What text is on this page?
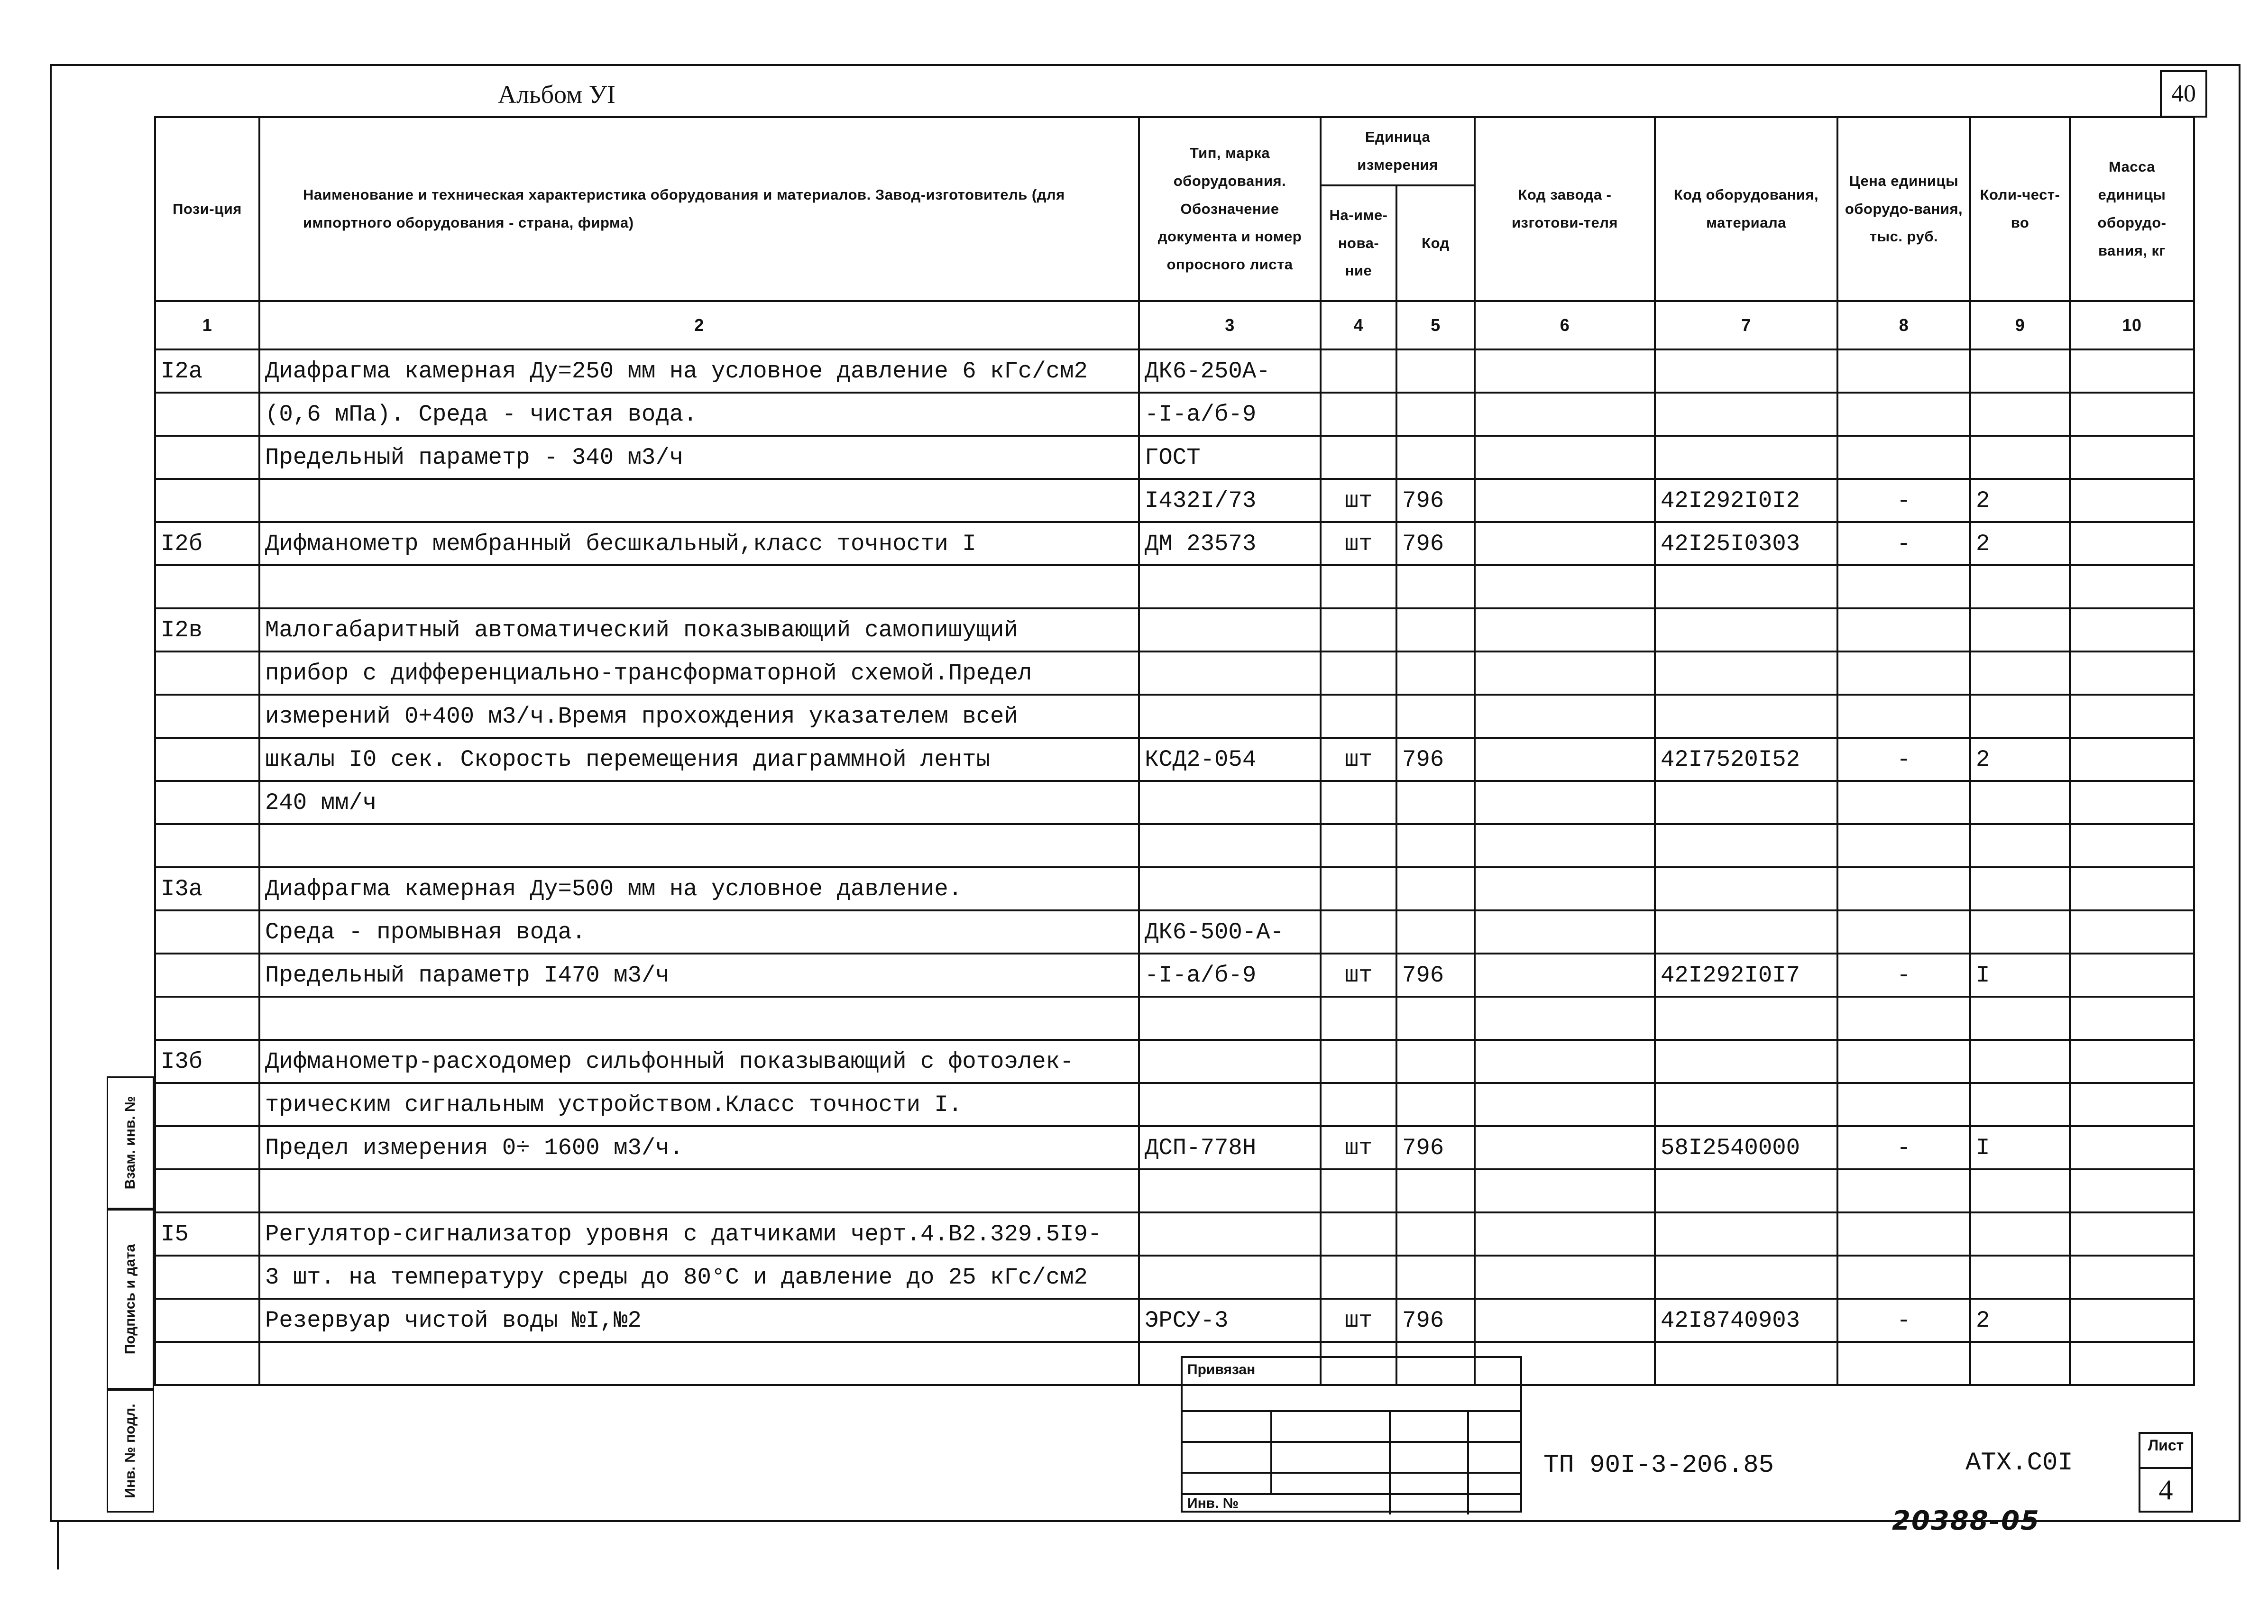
Альбом УI	40
Пози-ция	Наименование и техническая характеристика оборудования и материалов. Завод-изготовитель (для импортного оборудования - страна, фирма)	Тип, марка оборудования. Обозначение документа и номер опросного листа	Единица измерения		Код завода - изготови-теля	Код оборудования, материала	Цена единицы оборудо-вания, тыс. руб.	Коли-чест-во	Масса единицы оборудо-вания, кг
			На-име-нова-ние	Код					
1	2	3	4	5	6	7	8	9	10
I2а	Диафрагма камерная Ду=250 мм на условное давление 6 кГс/см2	ДК6-250А-							
	(0,6 мПа). Среда - чистая вода.	-I-а/б-9							
	Предельный параметр - 340 м3/ч	ГОСТ							
		I432I/73	шт	796		42I292I0I2	-	2	
I2б	Дифманометр мембранный бесшкальный,класс точности I	ДМ 23573	шт	796		42I25I0303	-	2	

I2в	Малогабаритный автоматический показывающий самопишущий								
	прибор с дифференциально-трансформаторной схемой.Предел								
	измерений 0+400 м3/ч.Время прохождения указателем всей								
	шкалы I0 сек. Скорость перемещения диаграммной ленты	КСД2-054	шт	796		42I7520I52	-	2	
	240 мм/ч								

I3а	Диафрагма камерная Ду=500 мм на условное давление.								
	Среда - промывная вода.	ДК6-500-А-							
	Предельный параметр I470 м3/ч	-I-а/б-9	шт	796		42I292I0I7	-	I	

I3б	Дифманометр-расходомер сильфонный показывающий с фотоэлек-								
	трическим сигнальным устройством.Класс точности I.								
	Предел измерения 0÷ 1600 м3/ч.	ДСП-778Н	шт	796		58I2540000	-	I	

I5	Регулятор-сигнализатор уровня с датчиками черт.4.В2.329.5I9-								
	3 шт. на температуру среды до 80°С и давление до 25 кГс/см2								
	Резервуар чистой воды №I,№2	ЭРСУ-3	шт	796		42I8740903	-	2	

Взам. инв. №
Подпись и дата
Инв. № подл.
Привязан
Инв. №
ТП 90I-3-206.85	АТХ.С0I
Лист
4
20388-05
